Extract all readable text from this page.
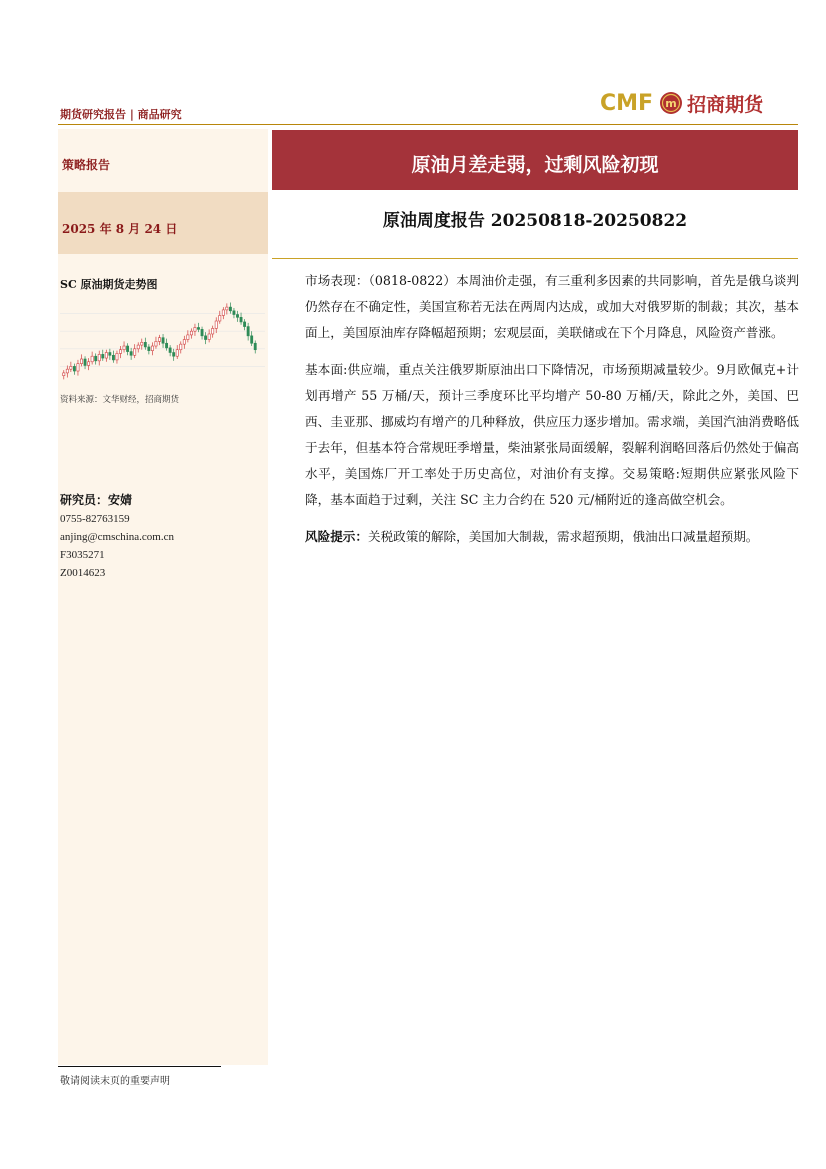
期货研究报告 | 商品研究	CMF m 招商期货
策略报告
2025 年 8 月 24 日
原油月差走弱，过剩风险初现
原油周度报告 20250818-20250822
SC 原油期货走势图
资料来源：文华财经，招商期货
研究员：安婧
0755-82763159
anjing@cmschina.com.cn
F3035271
Z0014623

市场表现：（0818-0822）本周油价走强，有三重利多因素的共同影响，首先是俄乌谈判仍然存在不确定性，美国宣称若无法在两周内达成，或加大对俄罗斯的制裁；其次，基本面上，美国原油库存降幅超预期；宏观层面，美联储或在下个月降息，风险资产普涨。

基本面:供应端，重点关注俄罗斯原油出口下降情况，市场预期减量较少。9月欧佩克+计划再增产 55 万桶/天，预计三季度环比平均增产 50-80 万桶/天，除此之外，美国、巴西、圭亚那、挪威均有增产的几种释放，供应压力逐步增加。需求端，美国汽油消费略低于去年，但基本符合常规旺季增量，柴油紧张局面缓解，裂解利润略回落后仍然处于偏高水平，美国炼厂开工率处于历史高位，对油价有支撑。交易策略:短期供应紧张风险下降，基本面趋于过剩，关注 SC 主力合约在 520 元/桶附近的逢高做空机会。

风险提示：关税政策的解除，美国加大制裁，需求超预期，俄油出口减量超预期。

敬请阅读末页的重要声明
